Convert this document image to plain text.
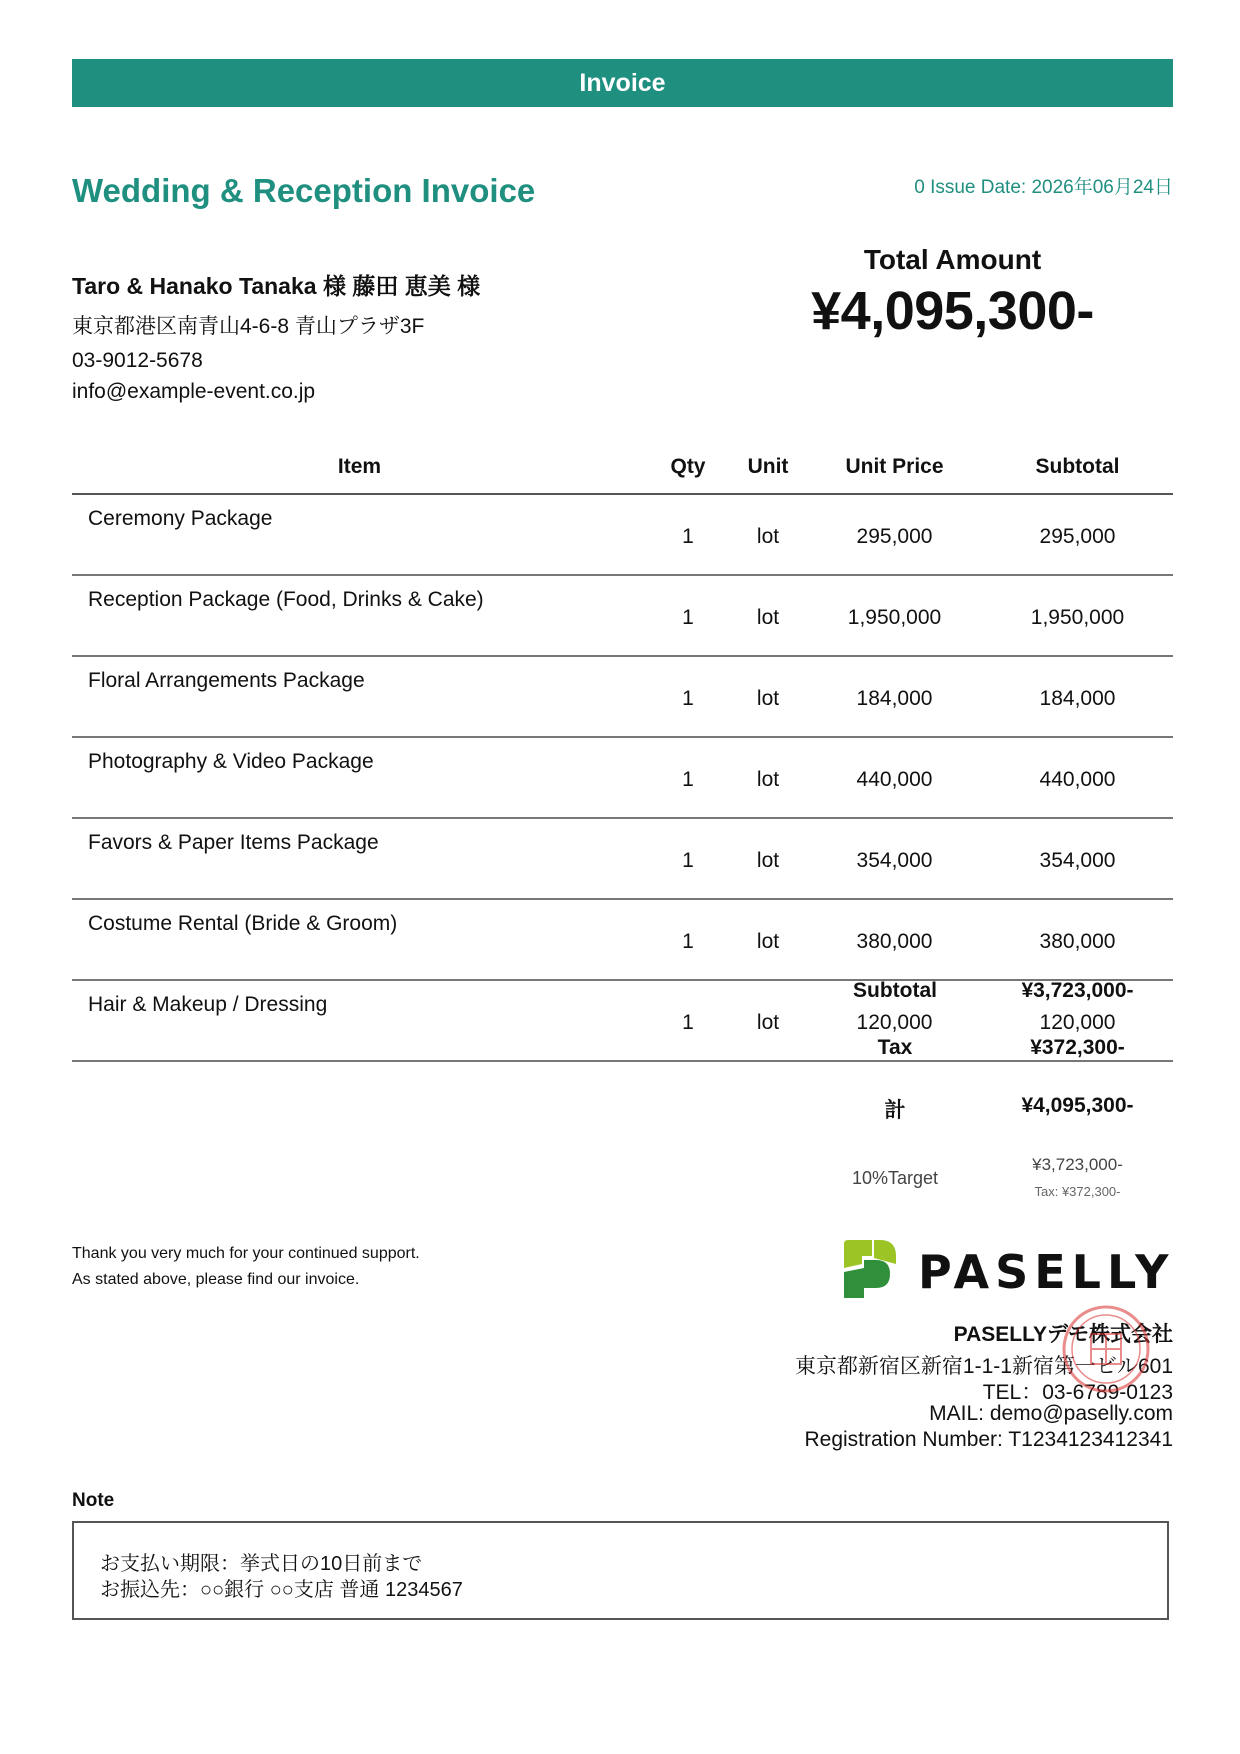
Invoice
Wedding & Reception Invoice	0 Issue Date: 2026年06月24日
Taro & Hanako Tanaka 様 藤田 恵美 様
東京都港区南青山4-6-8 青山プラザ3F
03-9012-5678
info@example-event.co.jp
Total Amount
¥4,095,300-
Item	Qty	Unit	Unit Price	Subtotal
Ceremony Package	1	lot	295,000	295,000
Reception Package (Food, Drinks & Cake)	1	lot	1,950,000	1,950,000
Floral Arrangements Package	1	lot	184,000	184,000
Photography & Video Package	1	lot	440,000	440,000
Favors & Paper Items Package	1	lot	354,000	354,000
Costume Rental (Bride & Groom)	1	lot	380,000	380,000
Hair & Makeup / Dressing	1	lot	120,000	120,000
Subtotal	¥3,723,000-
Tax	¥372,300-
計	¥4,095,300-
10%Target
¥3,723,000-
Tax: ¥372,300-
Thank you very much for your continued support.
As stated above, please find our invoice.	PASELLY
PASELLYデモ株式会社
東京都新宿区新宿1-1-1新宿第一ビル601
TEL：03-6789-0123
MAIL: demo@paselly.com
Registration Number: T1234123412341
Note
お支払い期限：挙式日の10日前まで
お振込先：○○銀行 ○○支店 普通 1234567
